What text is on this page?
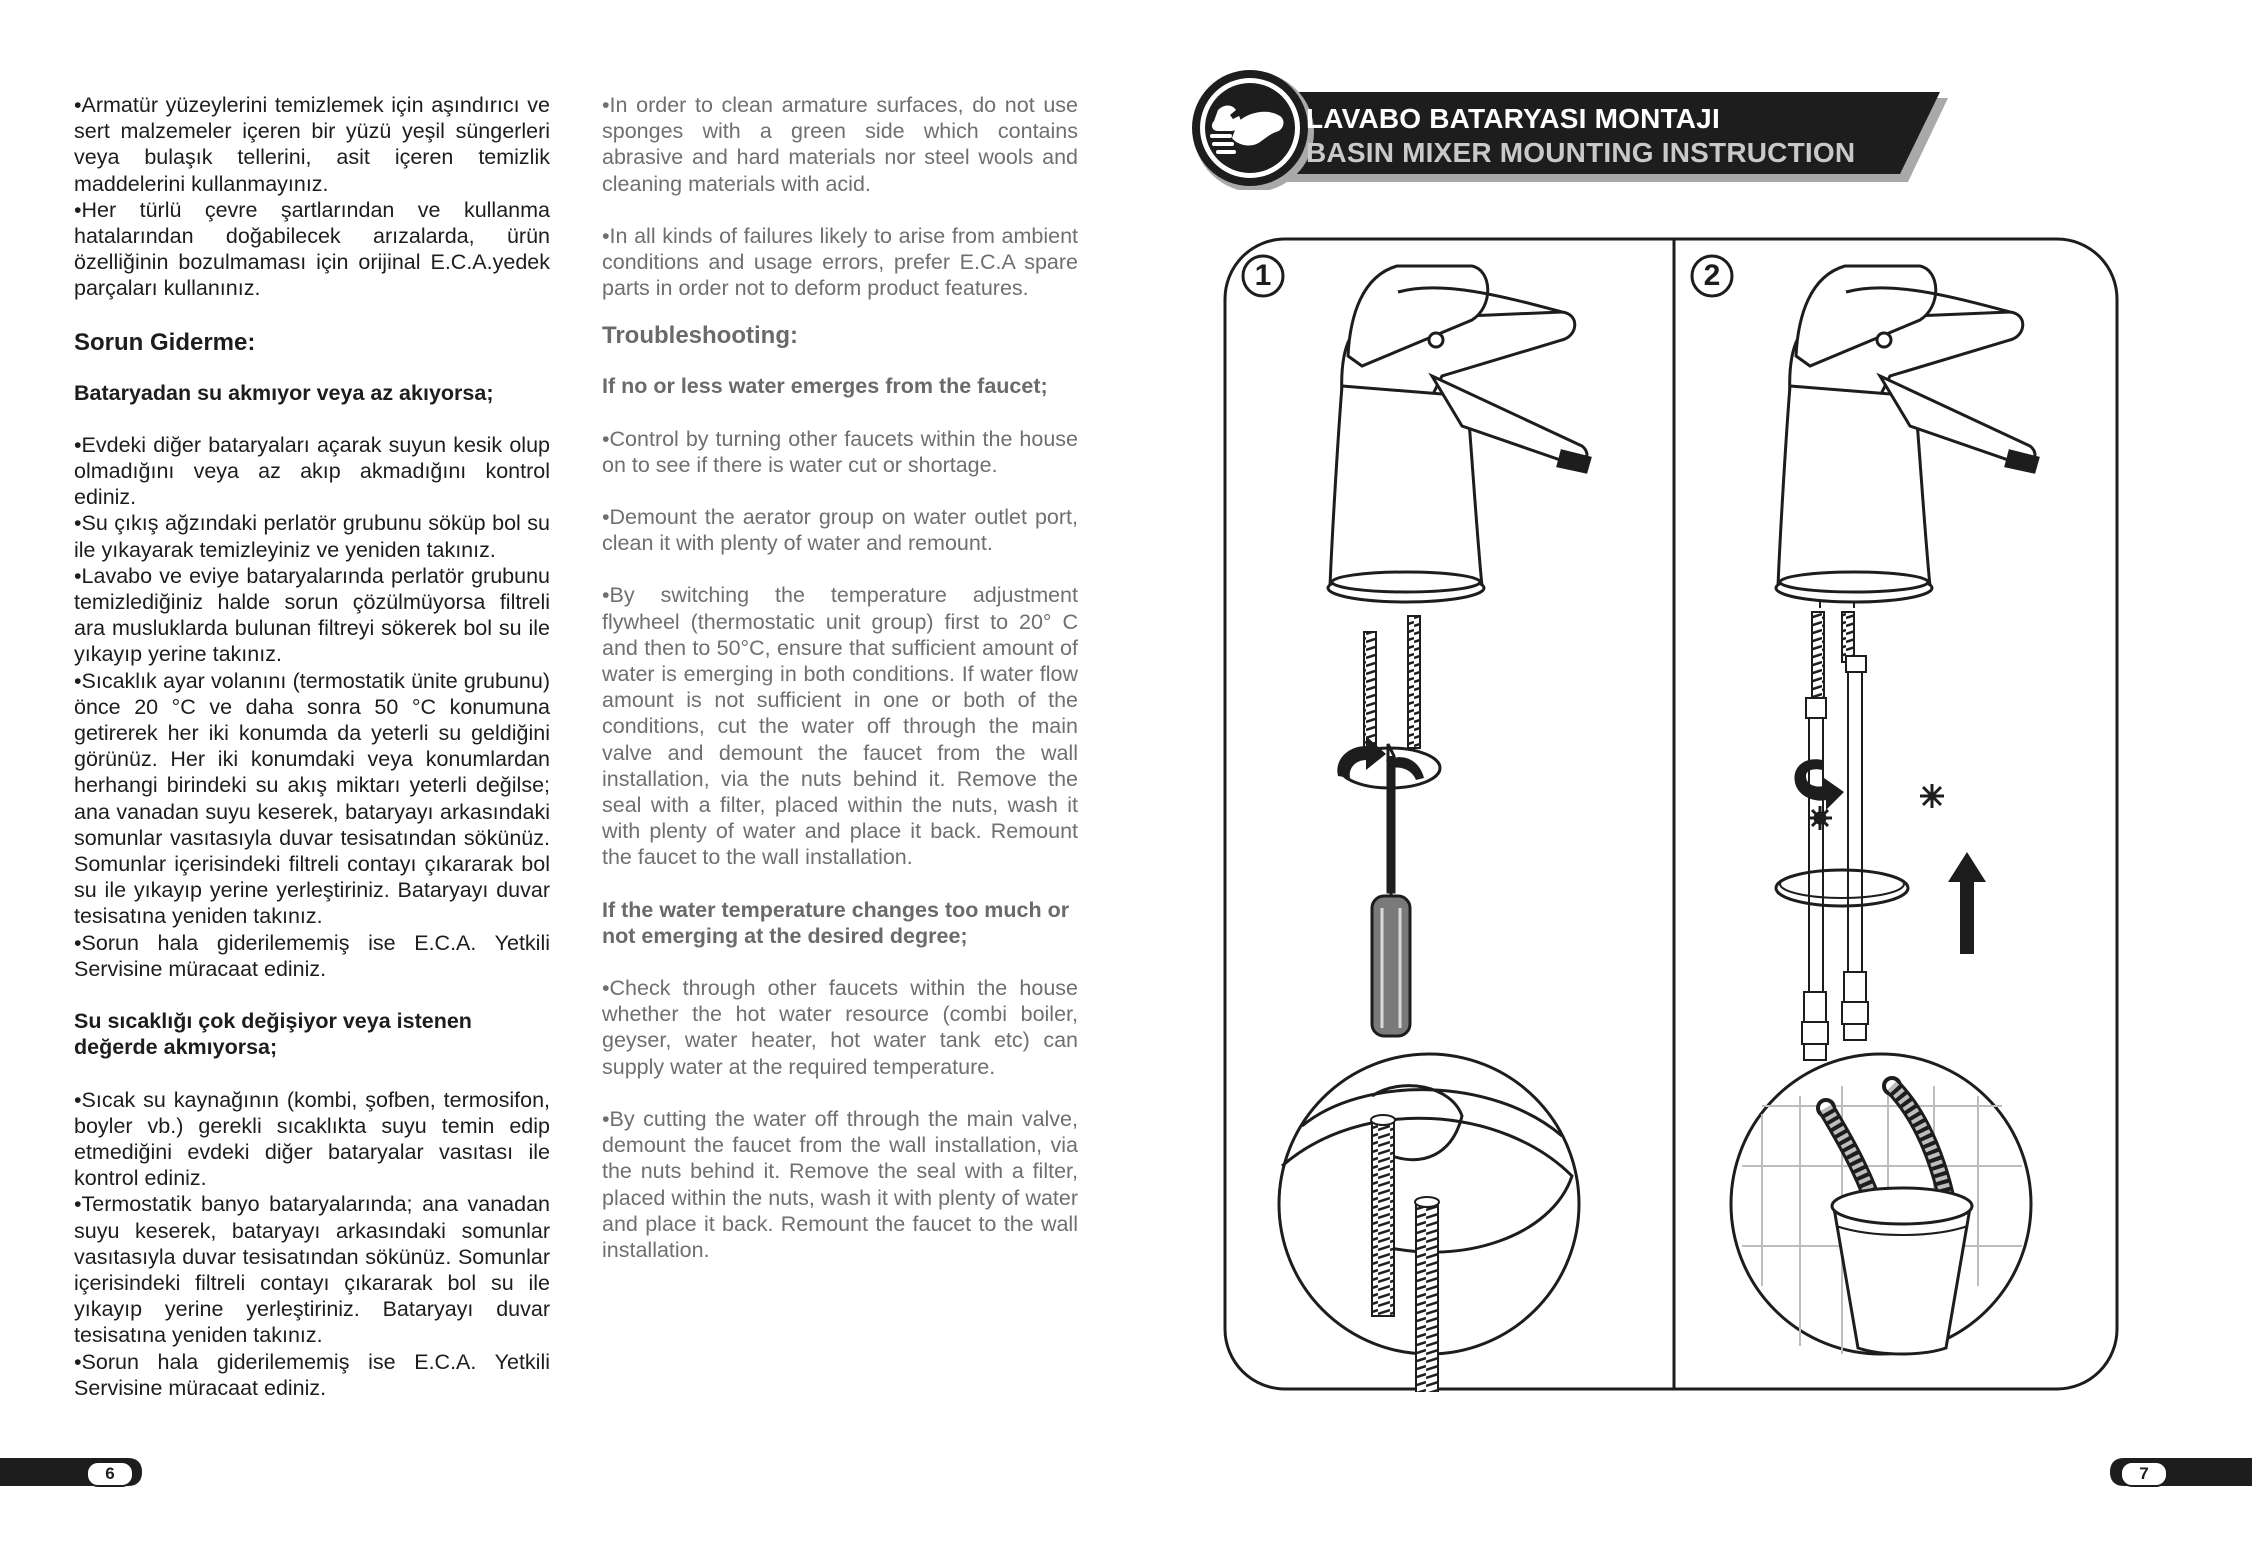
•Armatür yüzeylerini temizlemek için aşındırıcı ve sert malzemeler içeren bir yüzü yeşil süngerleri veya bulaşık tellerini, asit içeren temizlik maddelerini kullanmayınız.

•Her türlü çevre şartlarından ve kullanma hatalarından doğabilecek arızalarda, ürün özelliğinin bozulmaması için orijinal E.C.A.yedek parçaları kullanınız.

Sorun Giderme:
Bataryadan su akmıyor veya az akıyorsa;

•Evdeki diğer bataryaları açarak suyun kesik olup olmadığını veya az akıp akmadığını kontrol ediniz.

•Su çıkış ağzındaki perlatör grubunu söküp bol su ile yıkayarak temizleyiniz ve yeniden takınız.

•Lavabo ve eviye bataryalarında perlatör grubunu temizlediğiniz halde sorun çözülmüyorsa filtreli ara musluklarda bulunan filtreyi sökerek bol su ile yıkayıp yerine takınız.

•Sıcaklık ayar volanını (termostatik ünite grubunu) önce 20 °C ve daha sonra 50 °C konumuna getirerek her iki konumda da yeterli su geldiğini görünüz. Her iki konumdaki veya konumlardan herhangi birindeki su akış miktarı yeterli değilse; ana vanadan suyu keserek, bataryayı arkasındaki somunlar vasıtasıyla duvar tesisatından sökünüz. Somunlar içerisindeki filtreli contayı çıkararak bol su ile yıkayıp yerine yerleştiriniz. Bataryayı duvar tesisatına yeniden takınız.

•Sorun hala giderilememiş ise E.C.A. Yetkili Servisine müracaat ediniz.

Su sıcaklığı çok değişiyor veya istenen değerde akmıyorsa;

•Sıcak su kaynağının (kombi, şofben, termosifon, boyler vb.) gerekli sıcaklıkta suyu temin edip etmediğini evdeki diğer bataryalar vasıtası ile kontrol ediniz.

•Termostatik banyo bataryalarında; ana vanadan suyu keserek, bataryayı arkasındaki somunlar vasıtasıyla duvar tesisatından sökünüz. Somunlar içerisindeki filtreli contayı çıkararak bol su ile yıkayıp yerine yerleştiriniz. Bataryayı duvar tesisatına yeniden takınız.

•Sorun hala giderilememiş ise E.C.A. Yetkili Servisine müracaat ediniz.

•In order to clean armature surfaces, do not use sponges with a green side which contains abrasive and hard materials nor steel wools and cleaning materials with acid.

•In all kinds of failures likely to arise from ambient conditions and usage errors, prefer E.C.A spare parts in order not to deform product features.

Troubleshooting:
If no or less water emerges from the faucet;

•Control by turning other faucets within the house on to see if there is water cut or shortage.

•Demount the aerator group on water outlet port, clean it with plenty of water and remount.

•By switching the temperature adjustment flywheel (thermostatic unit group) first to 20° C and then to 50°C, ensure that sufficient amount of water is emerging in both conditions. If water flow amount is not sufficient in one or both of the conditions, cut the water off through the main valve and demount the faucet from the wall installation, via the nuts behind it. Remove the seal with a filter, placed within the nuts, wash it with plenty of water and place it back. Remount the faucet to the wall installation.

If the water temperature changes too much or not emerging at the desired degree;

•Check through other faucets within the house whether the hot water resource (combi boiler, geyser, water heater, hot water tank etc) can supply water at the required temperature.

•By cutting the water off through the main valve, demount the faucet from the wall installation, via the nuts behind it. Remove the seal with a filter, placed within the nuts, wash it with plenty of water and place it back. Remount the faucet to the wall installation.

LAVABO BATARYASI MONTAJI
BASIN MIXER MOUNTING INSTRUCTION
1	2
6	7
